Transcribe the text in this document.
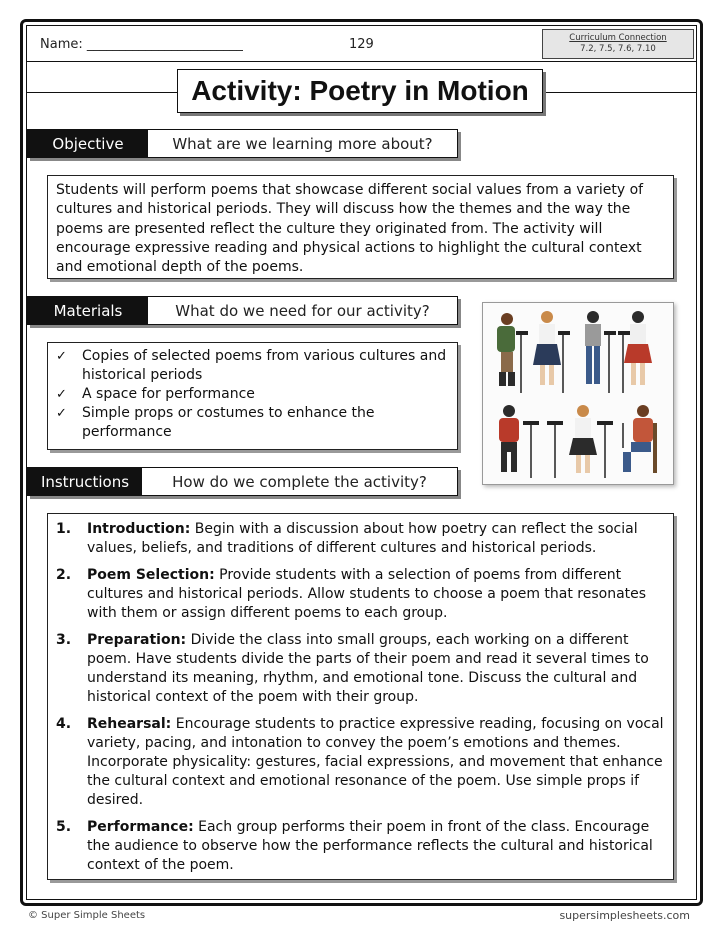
Name: ________________________	129	Curriculum Connection
7.2, 7.5, 7.6, 7.10
Activity: Poetry in Motion
Objective	What are we learning more about?

Students will perform poems that showcase different social values from a variety of cultures and historical periods. They will discuss how the themes and the way the poems are presented reflect the culture they originated from. The activity will encourage expressive reading and physical actions to highlight the cultural context and emotional depth of the poems.

Materials	What do we need for our activity?
✓ Copies of selected poems from various cultures and historical periods
✓ A space for performance
✓ Simple props or costumes to enhance the performance
Instructions	How do we complete the activity?
1. Introduction: Begin with a discussion about how poetry can reflect the social values, beliefs, and traditions of different cultures and historical periods.
2. Poem Selection: Provide students with a selection of poems from different cultures and historical periods. Allow students to choose a poem that resonates with them or assign different poems to each group.
3. Preparation: Divide the class into small groups, each working on a different poem. Have students divide the parts of their poem and read it several times to understand its meaning, rhythm, and emotional tone. Discuss the cultural and historical context of the poem with their group.
4. Rehearsal: Encourage students to practice expressive reading, focusing on vocal variety, pacing, and intonation to convey the poem’s emotions and themes. Incorporate physicality: gestures, facial expressions, and movement that enhance the cultural context and emotional resonance of the poem. Use simple props if desired.
5. Performance: Each group performs their poem in front of the class. Encourage the audience to observe how the performance reflects the cultural and historical context of the poem.
© Super Simple Sheets	supersimplesheets.com
